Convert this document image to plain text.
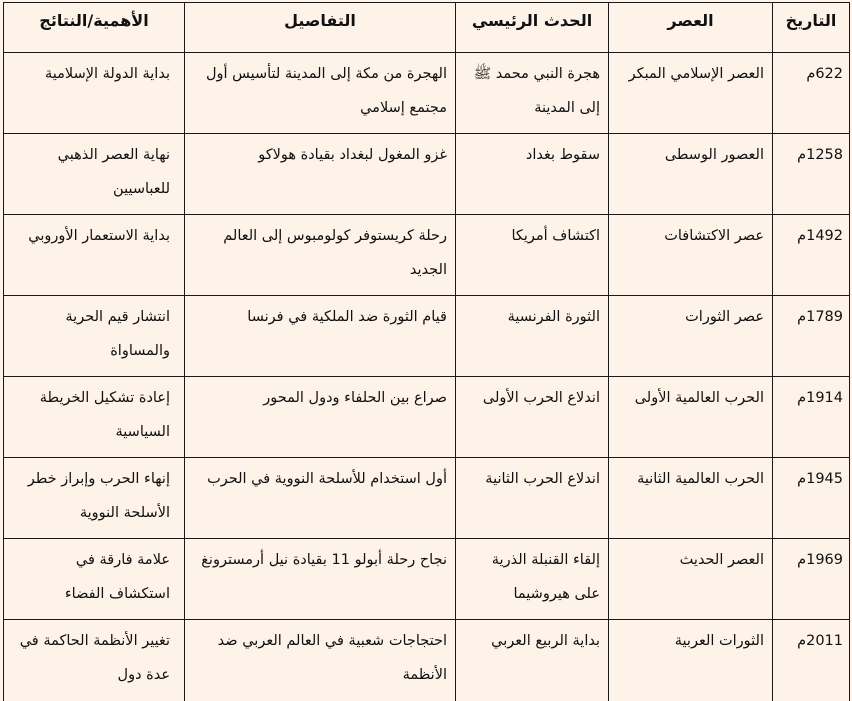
التاريخ	العصر	الحدث الرئيسي	التفاصيل	الأهمية/النتائج
622م	العصر الإسلامي المبكر	هجرة النبي محمد ﷺ إلى المدينة	الهجرة من مكة إلى المدينة لتأسيس أول مجتمع إسلامي	بداية الدولة الإسلامية
1258م	العصور الوسطى	سقوط بغداد	غزو المغول لبغداد بقيادة هولاكو	نهاية العصر الذهبي للعباسيين
1492م	عصر الاكتشافات	اكتشاف أمريكا	رحلة كريستوفر كولومبوس إلى العالم الجديد	بداية الاستعمار الأوروبي
1789م	عصر الثورات	الثورة الفرنسية	قيام الثورة ضد الملكية في فرنسا	انتشار قيم الحرية والمساواة
1914م	الحرب العالمية الأولى	اندلاع الحرب الأولى	صراع بين الحلفاء ودول المحور	إعادة تشكيل الخريطة السياسية
1945م	الحرب العالمية الثانية	اندلاع الحرب الثانية	أول استخدام للأسلحة النووية في الحرب	إنهاء الحرب وإبراز خطر الأسلحة النووية
1969م	العصر الحديث	إلقاء القنبلة الذرية على هيروشيما	نجاح رحلة أبولو 11 بقيادة نيل أرمسترونغ	علامة فارقة في استكشاف الفضاء
2011م	الثورات العربية	بداية الربيع العربي	احتجاجات شعبية في العالم العربي ضد الأنظمة	تغيير الأنظمة الحاكمة في عدة دول
